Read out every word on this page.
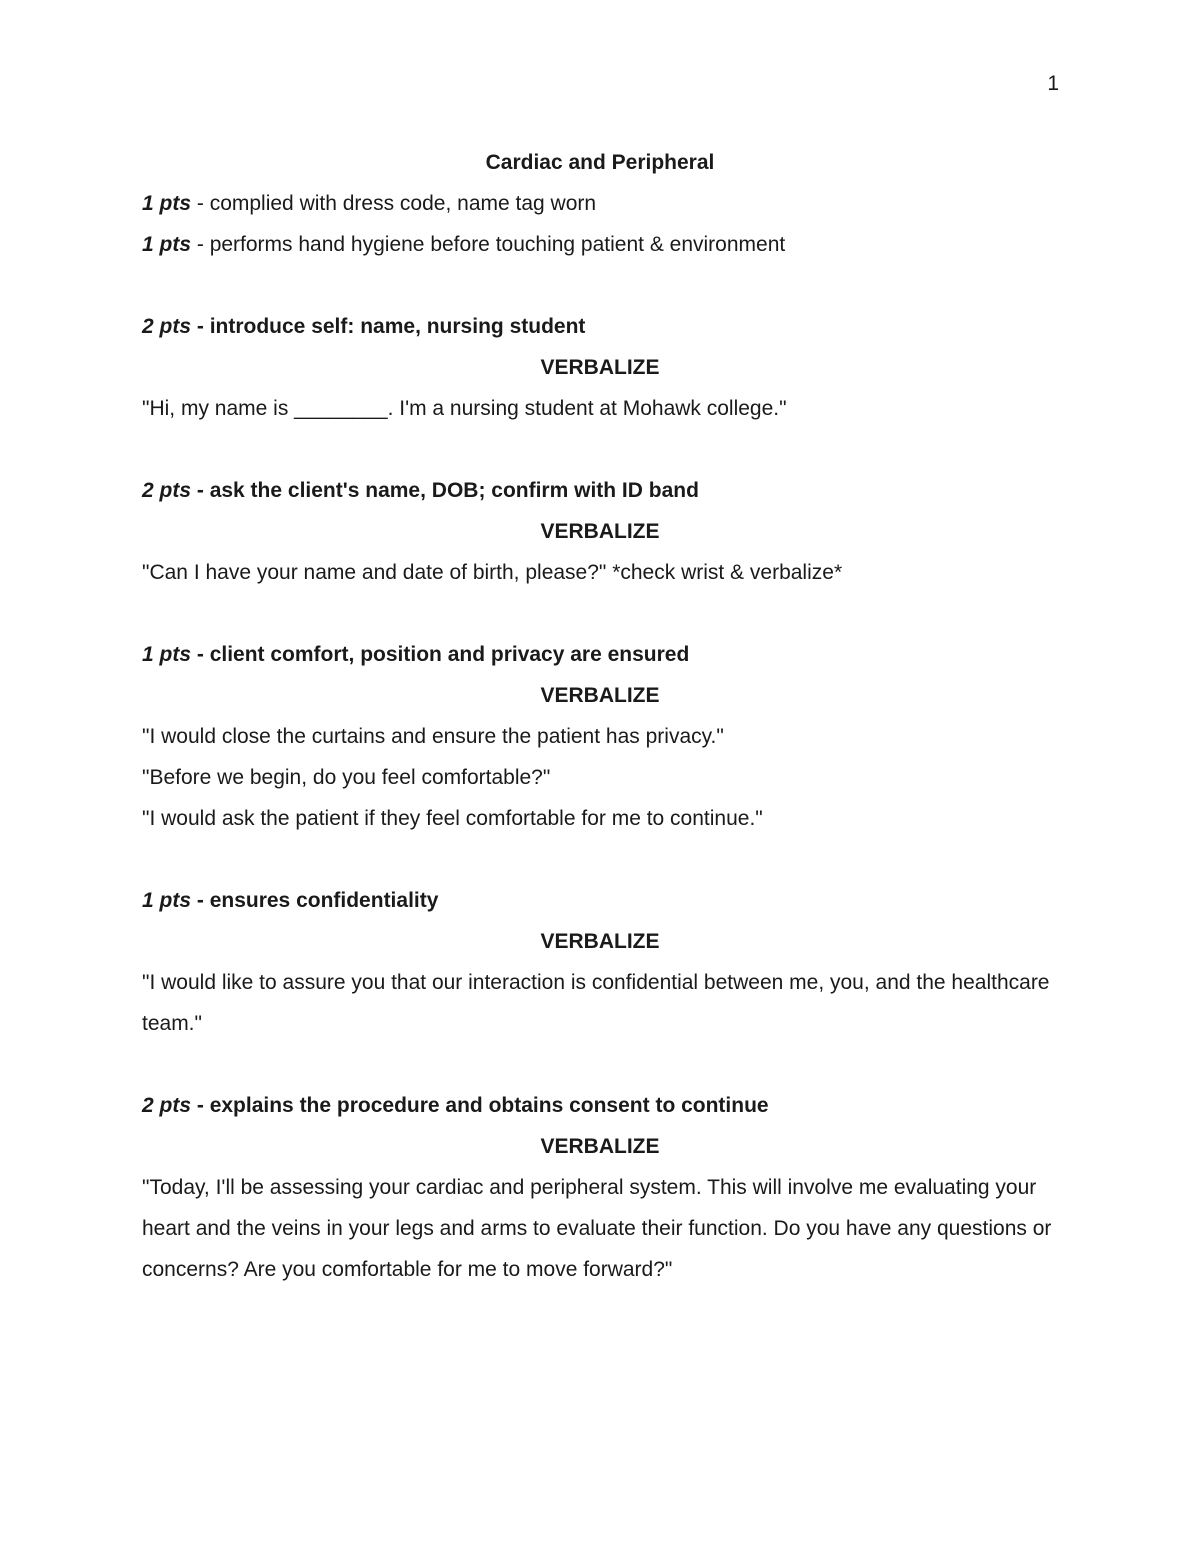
1
Cardiac and Peripheral
1 pts - complied with dress code, name tag worn
1 pts - performs hand hygiene before touching patient & environment
2 pts - introduce self: name, nursing student
VERBALIZE
"Hi, my name is ________. I'm a nursing student at Mohawk college."
2 pts - ask the client's name, DOB; confirm with ID band
VERBALIZE
"Can I have your name and date of birth, please?" *check wrist & verbalize*
1 pts - client comfort, position and privacy are ensured
VERBALIZE
"I would close the curtains and ensure the patient has privacy."
"Before we begin, do you feel comfortable?"
"I would ask the patient if they feel comfortable for me to continue."
1 pts - ensures confidentiality
VERBALIZE
"I would like to assure you that our interaction is confidential between me, you, and the healthcare team."
2 pts - explains the procedure and obtains consent to continue
VERBALIZE
"Today, I'll be assessing your cardiac and peripheral system. This will involve me evaluating your heart and the veins in your legs and arms to evaluate their function. Do you have any questions or concerns? Are you comfortable for me to move forward?"
